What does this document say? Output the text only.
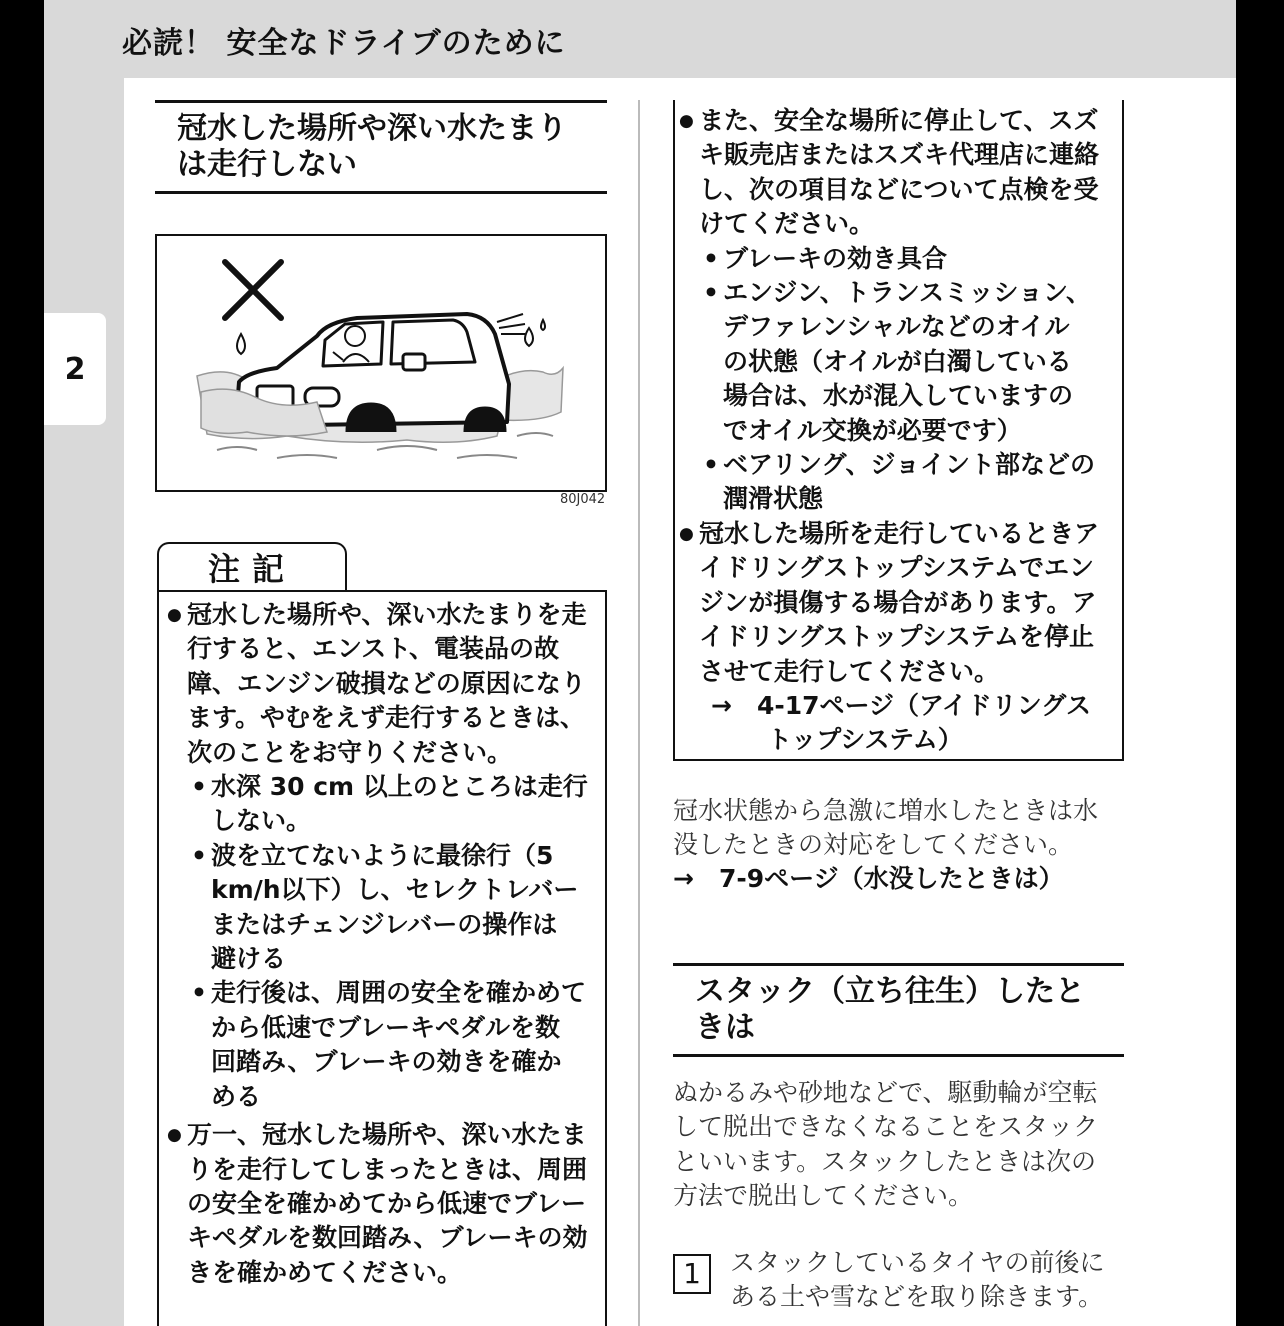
必読！ 安全なドライブのために
2
冠水した場所や深い水たまり
は走行しない
80J042
注記
● 冠水した場所や、深い水たまりを走
行すると、エンスト、電装品の故
障、エンジン破損などの原因になり
ます。やむをえず走行するときは、
次のことをお守りください。
• 水深 30 cm 以上のところは走行
しない。
• 波を立てないように最徐行（5
km/h以下）し、セレクトレバー
またはチェンジレバーの操作は
避ける
• 走行後は、周囲の安全を確かめて
から低速でブレーキペダルを数
回踏み、ブレーキの効きを確か
める
● 万一、冠水した場所や、深い水たま
りを走行してしまったときは、周囲
の安全を確かめてから低速でブレー
キペダルを数回踏み、ブレーキの効
きを確かめてください。
● また、安全な場所に停止して、スズ
キ販売店またはスズキ代理店に連絡
し、次の項目などについて点検を受
けてください。
• ブレーキの効き具合
• エンジン、トランスミッション、
デファレンシャルなどのオイル
の状態（オイルが白濁している
場合は、水が混入していますの
でオイル交換が必要です）
• ベアリング、ジョイント部などの
潤滑状態
● 冠水した場所を走行しているときア
イドリングストップシステムでエン
ジンが損傷する場合があります。ア
イドリングストップシステムを停止
させて走行してください。
→　4-17ページ（アイドリングス
トップシステム）
冠水状態から急激に増水したときは水
没したときの対応をしてください。
→　7-9ページ（水没したときは）
スタック（立ち往生）したと
きは
ぬかるみや砂地などで、駆動輪が空転
して脱出できなくなることをスタック
といいます。スタックしたときは次の
方法で脱出してください。
1	スタックしているタイヤの前後に
ある土や雪などを取り除きます。
